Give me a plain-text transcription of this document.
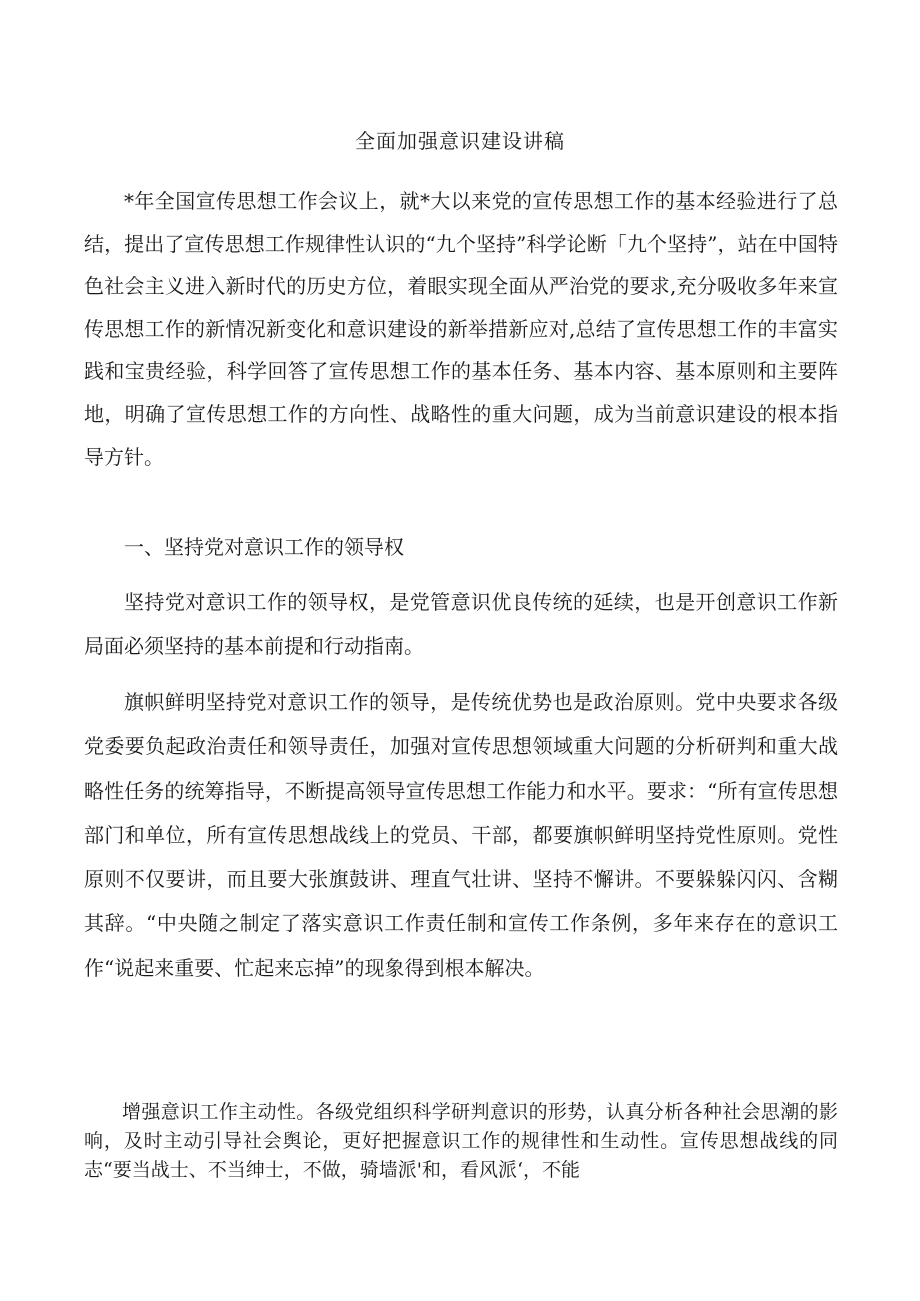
全面加强意识建设讲稿

*年全国宣传思想工作会议上，就*大以来党的宣传思想工作的基本经验进行了总结，提出了宣传思想工作规律性认识的“九个坚持”科学论断「九个坚持”，站在中国特色社会主义进入新时代的历史方位，着眼实现全面从严治党的要求,充分吸收多年来宣传思想工作的新情况新变化和意识建设的新举措新应对,总结了宣传思想工作的丰富实践和宝贵经验，科学回答了宣传思想工作的基本任务、基本内容、基本原则和主要阵地，明确了宣传思想工作的方向性、战略性的重大问题，成为当前意识建设的根本指导方针。

一、坚持党对意识工作的领导权

坚持党对意识工作的领导权，是党管意识优良传统的延续，也是开创意识工作新局面必须坚持的基本前提和行动指南。

旗帜鲜明坚持党对意识工作的领导，是传统优势也是政治原则。党中央要求各级党委要负起政治责任和领导责任，加强对宣传思想领域重大问题的分析研判和重大战略性任务的统筹指导，不断提高领导宣传思想工作能力和水平。要求：“所有宣传思想部门和单位，所有宣传思想战线上的党员、干部，都要旗帜鲜明坚持党性原则。党性原则不仅要讲，而且要大张旗鼓讲、理直气壮讲、坚持不懈讲。不要躲躲闪闪、含糊其辞。“中央随之制定了落实意识工作责任制和宣传工作条例，多年来存在的意识工作“说起来重要、忙起来忘掉”的现象得到根本解决。

增强意识工作主动性。各级党组织科学研判意识的形势，认真分析各种社会思潮的影响，及时主动引导社会舆论，更好把握意识工作的规律性和生动性。宣传思想战线的同志“要当战士、不当绅士，不做，骑墙派'和，看风派‘，不能
